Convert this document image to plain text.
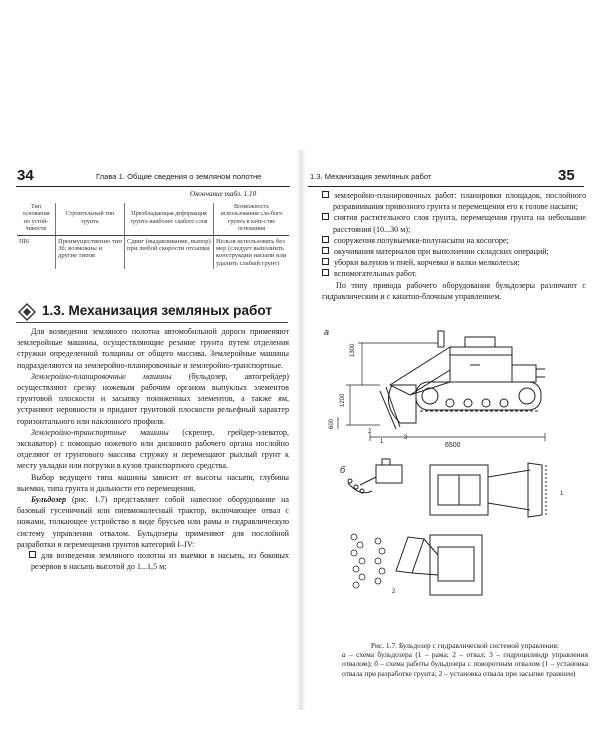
34	Глава 1. Общие сведения о земляном полотне
Окончание табл. 1.10
Тип основания по устой-чивости	Строительный тип грунта	Преобладающая деформация грунта наиболее слабого слоя	Возможность использования сла-бого грунта в каче-стве основания
III6	Преимущественно тип 3б; возможны и другие типов	Сдвиг (выдавливание, выпор) при любой скорости отсыпки	Нельзя использовать без мер (следует выполнить конструкции насыпи или удалить слабый грунт)
1.3. Механизация земляных работ

Для возведения земляного полотна автомобильной дороги применяют землеройные машины, осуществляющие резание грунта путем отделения стружки определенной толщины от общего массива. Землеройные машины подразделяются на землеройно-планировочные и землеройно-транспортные.

Землеройно-планировочные машины (бульдозер, автогрейдер) осуществляют срезку ножевым рабочим органом выпуклых элементов грунтовой плоскости и засыпку пониженных элементов, а также ям, устраняют неровности и придают грунтовой плоскости рельефный характер горизонтального или наклонного профиля.

Землеройно-транспортные машины (скрепер, грейдер-элеватор, экскаватор) с помощью ножевого или дискового рабочего органа послойно отделяют от грунтового массива стружку и перемещают рыхлый грунт к месту укладки или погрузки в кузов транспортного средства.

Выбор ведущего типа машины зависит от высоты насыпи, глубины выемки, типа грунта и дальности его перемещения.

Бульдозер (рис. 1.7) представляет собой навесное оборудование на базовый гусеничный или пневмоколесный трактор, включающее отвал с ножами, толкающее устройство в виде брусьев или рамы и гидравлическую систему управления отвалом. Бульдозеры применяют для послойной разработки и перемещения грунтов категорий I–IV:

для возведения земляного полотна из выемки в насыпь, из боковых резервов в насыпь высотой до 1...1,5 м;

1.3. Механизация земляных работ	35

землеройно-планировочных работ: планировки площадок, послойного разравнивания привозного грунта и перемещения его к голове насыпи;

снятия растительного слоя грунта, перемещения грунта на небольшие расстояния (10...30 м);

сооружения полувыемки-полунасыпи на косогоре;

окучивания материалов при выполнении складских операций;

уборки валунов и пней, корчевки и валки мелколесья;

вспомогательных работ.

По типу привода рабочего оборудования бульдозеры различают с гидравлическим и с канатно-блочным управлением.

а
1
2
3
1300
1200
600
6500
б
1
2
Рис. 1.7. Бульдозер с гидравлической системой управления:
а – схема бульдозера (1 – рама; 2 – отвал; 3 – гидроцилиндр управления отвалом); б – схема работы бульдозера с поворотным отвалом (1 – установка отвала при разработке грунта; 2 – установка отвала при засыпке траншеи)
